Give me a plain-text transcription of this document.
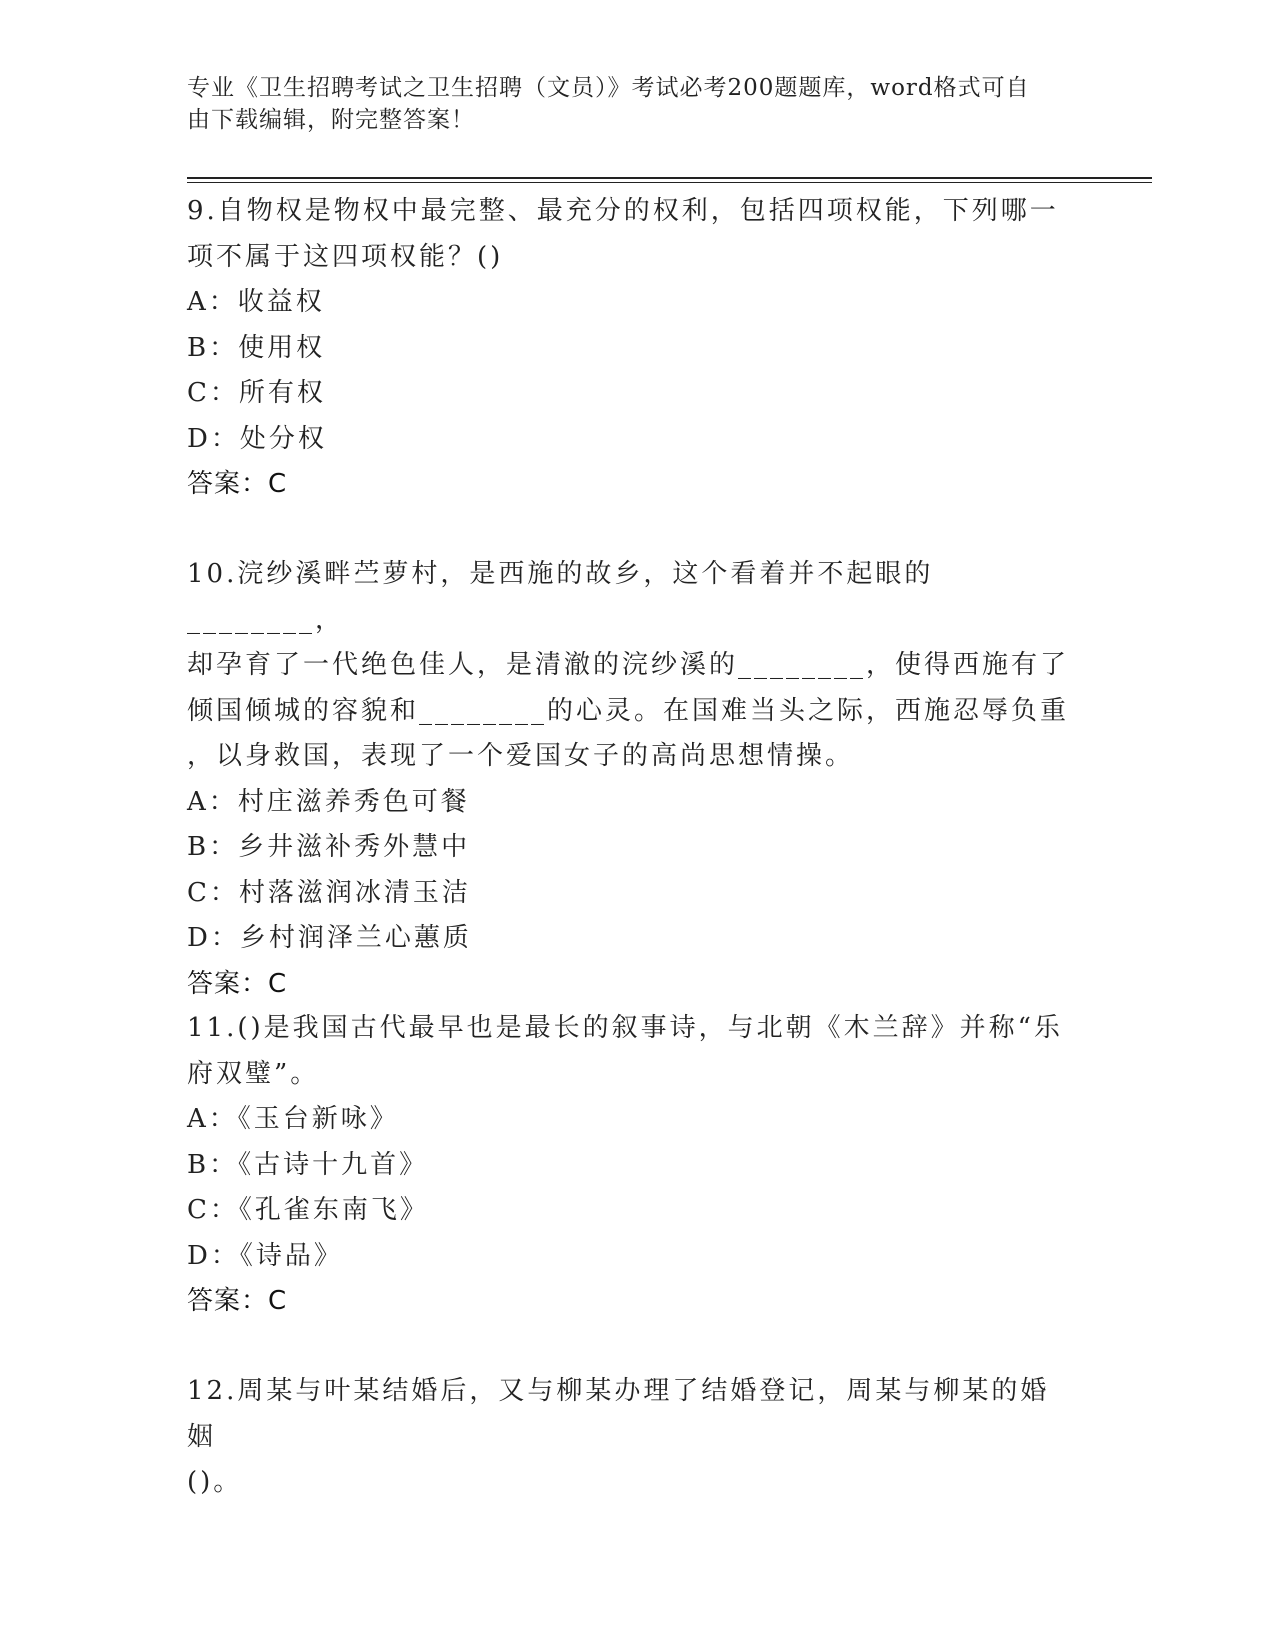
专业《卫生招聘考试之卫生招聘（文员）》考试必考200题题库，word格式可自
由下载编辑，附完整答案！

9.自物权是物权中最完整、最充分的权利，包括四项权能，下列哪一

项不属于这四项权能？()

A：收益权

B：使用权

C：所有权

D：处分权

答案：C

10.浣纱溪畔苎萝村，是西施的故乡，这个看着并不起眼的________，

却孕育了一代绝色佳人，是清澈的浣纱溪的________，使得西施有了

倾国倾城的容貌和________的心灵。在国难当头之际，西施忍辱负重

，以身救国，表现了一个爱国女子的高尚思想情操。

A：村庄滋养秀色可餐

B：乡井滋补秀外慧中

C：村落滋润冰清玉洁

D：乡村润泽兰心蕙质

答案：C

11.()是我国古代最早也是最长的叙事诗，与北朝《木兰辞》并称“乐

府双璧”。

A：《玉台新咏》

B：《古诗十九首》

C：《孔雀东南飞》

D：《诗品》

答案：C

12.周某与叶某结婚后，又与柳某办理了结婚登记，周某与柳某的婚姻

()。
